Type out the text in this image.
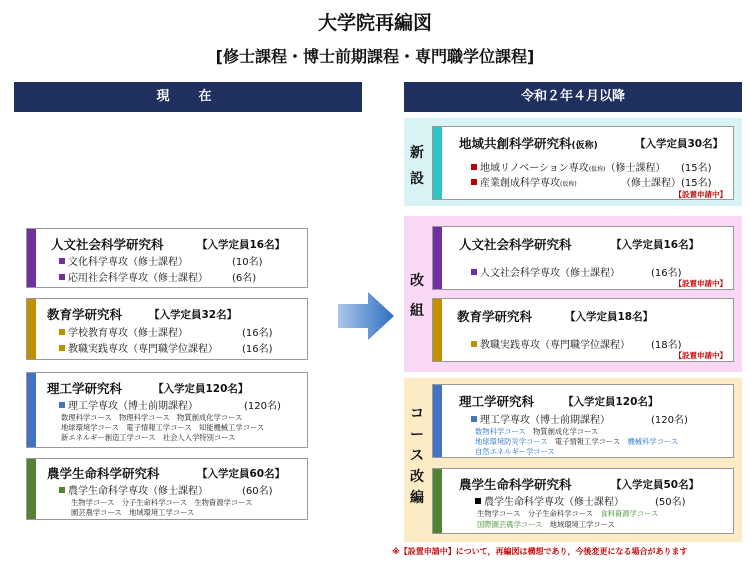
大学院再編図
[修士課程・博士前期課程・専門職学位課程]
現　在	令和２年４月以降
人文社会科学研究科	【入学定員16名】
文化科学専攻（修士課程）	(10名)
応用社会科学専攻（修士課程） (6名)
教育学研究科	【入学定員32名】
学校教育専攻（修士課程）	(16名)
教職実践専攻（専門職学位課程） (16名)
理工学研究科	【入学定員120名】
理工学専攻（博士前期課程）	(120名)
数理科学コース　物理科学コース　物質創成化学コース
地球環境学コース　電子情報工学コース　知能機械工学コース
新エネルギー創造工学コース　社会人入学特別コース
農学生命科学研究科	【入学定員60名】
農学生命科学専攻（修士課程）	(60名)
生物学コース　分子生命科学コース　生物資源学コース
園芸農学コース　地域環境工学コース
新
設
地域共創科学研究科(仮称)	【入学定員30名】
地域リノベーション専攻(仮称)（修士課程） (15名)
産業創成科学専攻(仮称)	（修士課程） (15名)
【設置申請中】
改
組
人文社会科学研究科	【入学定員16名】
人文社会科学専攻（修士課程）	(16名)
【設置申請中】
教育学研究科	【入学定員18名】
教職実践専攻（専門職学位課程） (18名)
【設置申請中】
コ
ー
ス
改
編
理工学研究科	【入学定員120名】
理工学専攻（博士前期課程）	(120名)
数物科学コース　 物質創成化学コース
地球環境防災学コース　 電子情報工学コース　 機械科学コース
自然エネルギー学コース
農学生命科学研究科	【入学定員50名】
農学生命科学専攻（修士課程）	(50名)
生物学コース　分子生命科学コース　 食料資源学コース
国際園芸農学コース　 地域環境工学コース
※【設置申請中】について，再編図は構想であり，今後変更になる場合があります
